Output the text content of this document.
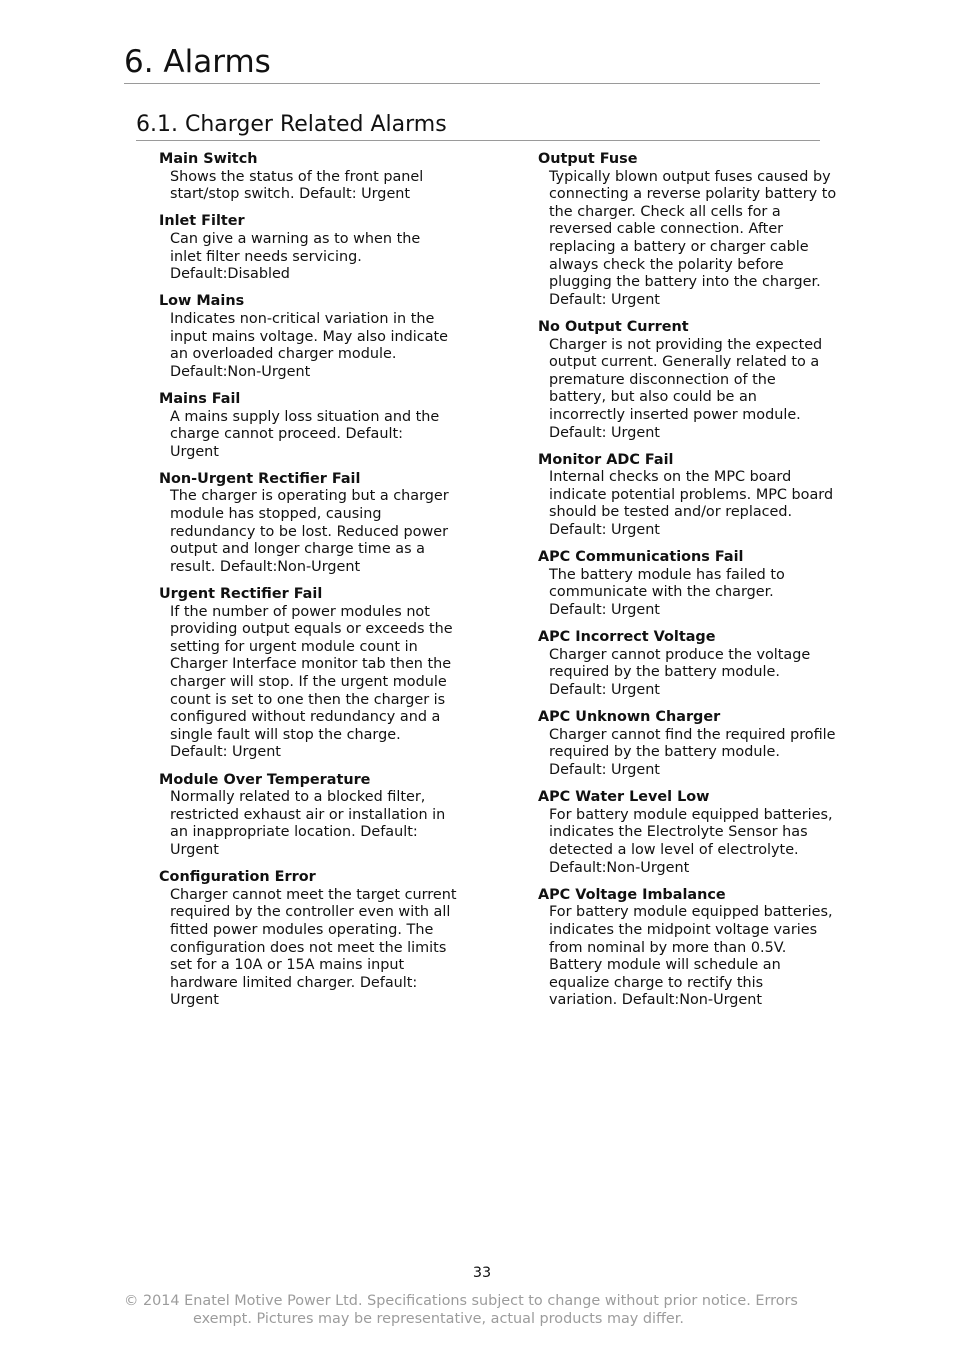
6. Alarms
6.1. Charger Related Alarms
Main Switch
Shows the status of the front panel
start/stop switch. Default: Urgent
Inlet Filter
Can give a warning as to when the
inlet filter needs servicing.
Default:Disabled
Low Mains
Indicates non-critical variation in the
input mains voltage. May also indicate
an overloaded charger module.
Default:Non-Urgent
Mains Fail
A mains supply loss situation and the
charge cannot proceed. Default:
Urgent
Non-Urgent Rectifier Fail
The charger is operating but a charger
module has stopped, causing
redundancy to be lost. Reduced power
output and longer charge time as a
result. Default:Non-Urgent
Urgent Rectifier Fail
If the number of power modules not
providing output equals or exceeds the
setting for urgent module count in
Charger Interface monitor tab then the
charger will stop. If the urgent module
count is set to one then the charger is
configured without redundancy and a
single fault will stop the charge.
Default: Urgent
Module Over Temperature
Normally related to a blocked filter,
restricted exhaust air or installation in
an inappropriate location. Default:
Urgent
Configuration Error
Charger cannot meet the target current
required by the controller even with all
fitted power modules operating. The
configuration does not meet the limits
set for a 10A or 15A mains input
hardware limited charger. Default:
Urgent
Output Fuse
Typically blown output fuses caused by
connecting a reverse polarity battery to
the charger. Check all cells for a
reversed cable connection. After
replacing a battery or charger cable
always check the polarity before
plugging the battery into the charger.
Default: Urgent
No Output Current
Charger is not providing the expected
output current. Generally related to a
premature disconnection of the
battery, but also could be an
incorrectly inserted power module.
Default: Urgent
Monitor ADC Fail
Internal checks on the MPC board
indicate potential problems. MPC board
should be tested and/or replaced.
Default: Urgent
APC Communications Fail
The battery module has failed to
communicate with the charger.
Default: Urgent
APC Incorrect Voltage
Charger cannot produce the voltage
required by the battery module.
Default: Urgent
APC Unknown Charger
Charger cannot find the required profile
required by the battery module.
Default: Urgent
APC Water Level Low
For battery module equipped batteries,
indicates the Electrolyte Sensor has
detected a low level of electrolyte.
Default:Non-Urgent
APC Voltage Imbalance
For battery module equipped batteries,
indicates the midpoint voltage varies
from nominal by more than 0.5V.
Battery module will schedule an
equalize charge to rectify this
variation. Default:Non-Urgent
33
© 2014 Enatel Motive Power Ltd. Specifications subject to change without prior notice. Errors
exempt. Pictures may be representative, actual products may differ.
